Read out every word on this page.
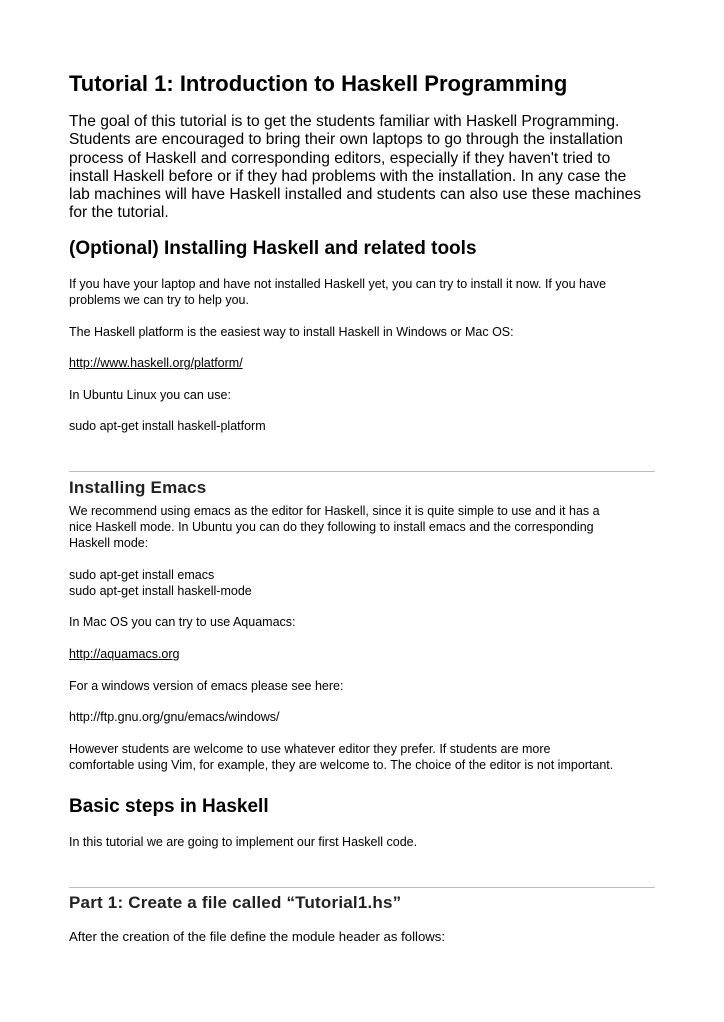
Tutorial 1: Introduction to Haskell Programming
The goal of this tutorial is to get the students familiar with Haskell Programming.
Students are encouraged to bring their own laptops to go through the installation
process of Haskell and corresponding editors, especially if they haven't tried to
install Haskell before or if they had problems with the installation. In any case the
lab machines will have Haskell installed and students can also use these machines
for the tutorial.
(Optional) Installing Haskell and related tools
If you have your laptop and have not installed Haskell yet, you can try to install it now. If you have
problems we can try to help you.
The Haskell platform is the easiest way to install Haskell in Windows or Mac OS:
http://www.haskell.org/platform/
In Ubuntu Linux you can use:
sudo apt-get install haskell-platform
Installing Emacs
We recommend using emacs as the editor for Haskell, since it is quite simple to use and it has a
nice Haskell mode. In Ubuntu you can do they following to install emacs and the corresponding
Haskell mode:
sudo apt-get install emacs
sudo apt-get install haskell-mode
In Mac OS you can try to use Aquamacs:
http://aquamacs.org
For a windows version of emacs please see here:
http://ftp.gnu.org/gnu/emacs/windows/
However students are welcome to use whatever editor they prefer. If students are more
comfortable using Vim, for example, they are welcome to. The choice of the editor is not important.
Basic steps in Haskell
In this tutorial we are going to implement our first Haskell code.
Part 1: Create a file called “Tutorial1.hs”
After the creation of the file define the module header as follows:
